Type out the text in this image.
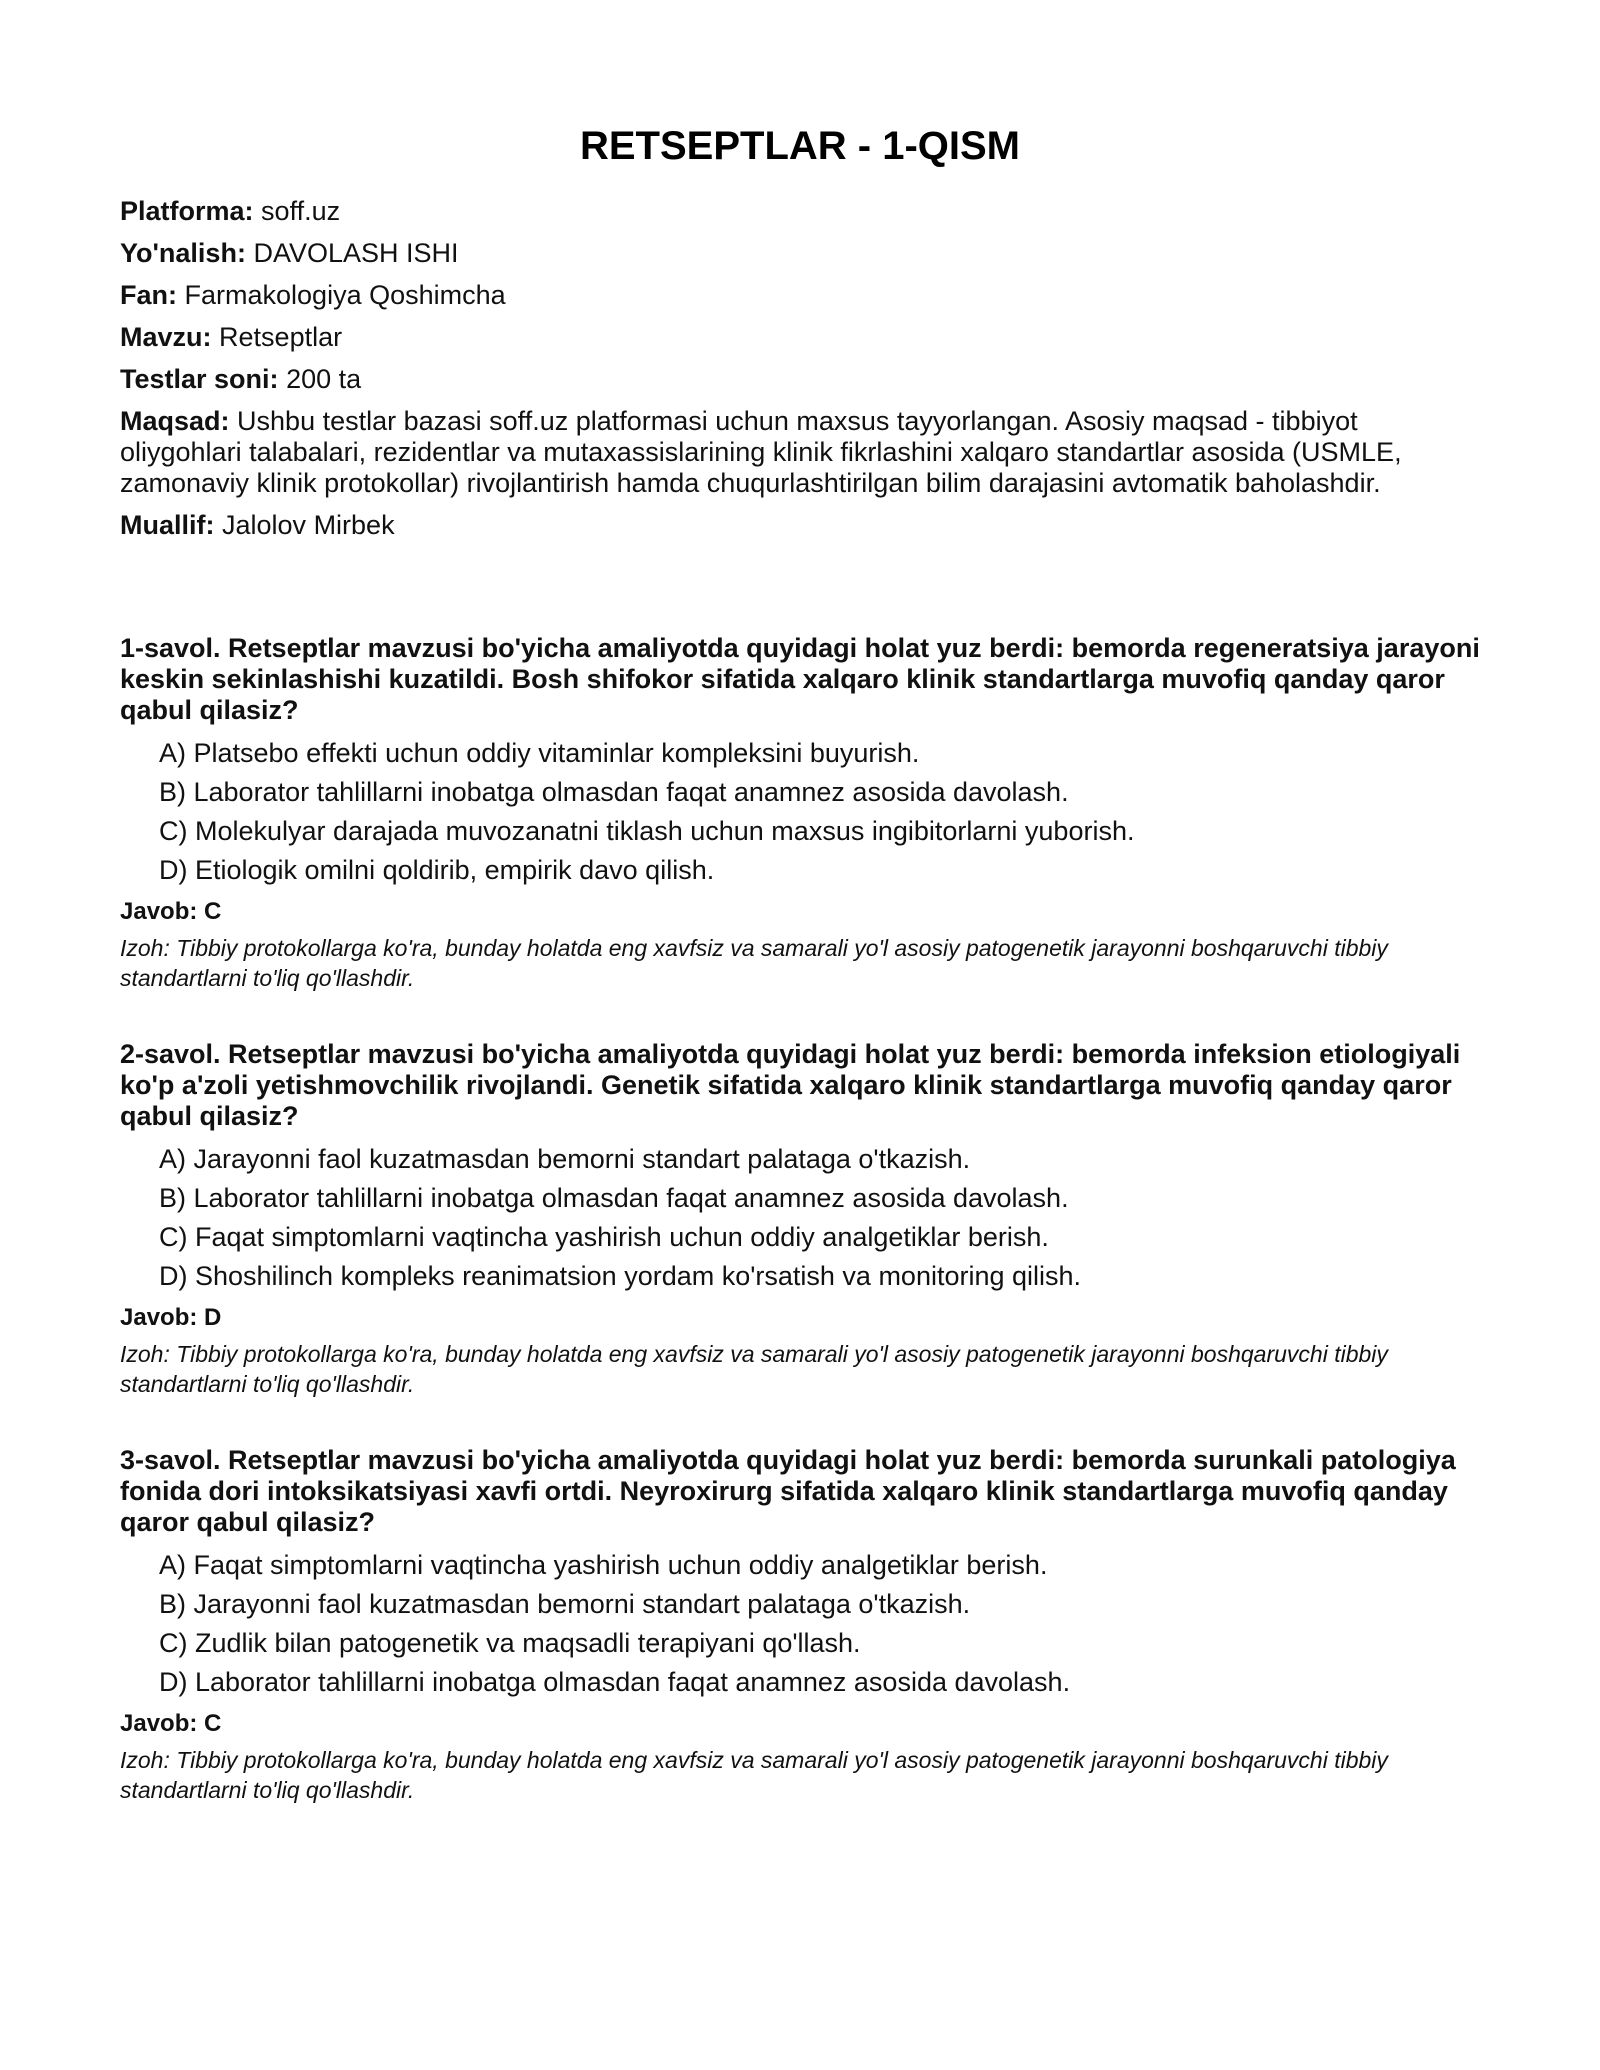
RETSEPTLAR - 1-QISM

Platforma: soff.uz

Yo'nalish: DAVOLASH ISHI

Fan: Farmakologiya Qoshimcha

Mavzu: Retseptlar

Testlar soni: 200 ta

Maqsad: Ushbu testlar bazasi soff.uz platformasi uchun maxsus tayyorlangan. Asosiy maqsad - tibbiyot oliygohlari talabalari, rezidentlar va mutaxassislarining klinik fikrlashini xalqaro standartlar asosida (USMLE, zamonaviy klinik protokollar) rivojlantirish hamda chuqurlashtirilgan bilim darajasini avtomatik baholashdir.

Muallif: Jalolov Mirbek

1-savol. Retseptlar mavzusi bo'yicha amaliyotda quyidagi holat yuz berdi: bemorda regeneratsiya jarayoni keskin sekinlashishi kuzatildi. Bosh shifokor sifatida xalqaro klinik standartlarga muvofiq qanday qaror qabul qilasiz?

A) Platsebo effekti uchun oddiy vitaminlar kompleksini buyurish.
B) Laborator tahlillarni inobatga olmasdan faqat anamnez asosida davolash.
C) Molekulyar darajada muvozanatni tiklash uchun maxsus ingibitorlarni yuborish.
D) Etiologik omilni qoldirib, empirik davo qilish.

Javob: C

Izoh: Tibbiy protokollarga ko'ra, bunday holatda eng xavfsiz va samarali yo'l asosiy patogenetik jarayonni boshqaruvchi tibbiy standartlarni to'liq qo'llashdir.

2-savol. Retseptlar mavzusi bo'yicha amaliyotda quyidagi holat yuz berdi: bemorda infeksion etiologiyali ko'p a'zoli yetishmovchilik rivojlandi. Genetik sifatida xalqaro klinik standartlarga muvofiq qanday qaror qabul qilasiz?

A) Jarayonni faol kuzatmasdan bemorni standart palataga o'tkazish.
B) Laborator tahlillarni inobatga olmasdan faqat anamnez asosida davolash.
C) Faqat simptomlarni vaqtincha yashirish uchun oddiy analgetiklar berish.
D) Shoshilinch kompleks reanimatsion yordam ko'rsatish va monitoring qilish.

Javob: D

Izoh: Tibbiy protokollarga ko'ra, bunday holatda eng xavfsiz va samarali yo'l asosiy patogenetik jarayonni boshqaruvchi tibbiy standartlarni to'liq qo'llashdir.

3-savol. Retseptlar mavzusi bo'yicha amaliyotda quyidagi holat yuz berdi: bemorda surunkali patologiya fonida dori intoksikatsiyasi xavfi ortdi. Neyroxirurg sifatida xalqaro klinik standartlarga muvofiq qanday qaror qabul qilasiz?

A) Faqat simptomlarni vaqtincha yashirish uchun oddiy analgetiklar berish.
B) Jarayonni faol kuzatmasdan bemorni standart palataga o'tkazish.
C) Zudlik bilan patogenetik va maqsadli terapiyani qo'llash.
D) Laborator tahlillarni inobatga olmasdan faqat anamnez asosida davolash.

Javob: C

Izoh: Tibbiy protokollarga ko'ra, bunday holatda eng xavfsiz va samarali yo'l asosiy patogenetik jarayonni boshqaruvchi tibbiy standartlarni to'liq qo'llashdir.
